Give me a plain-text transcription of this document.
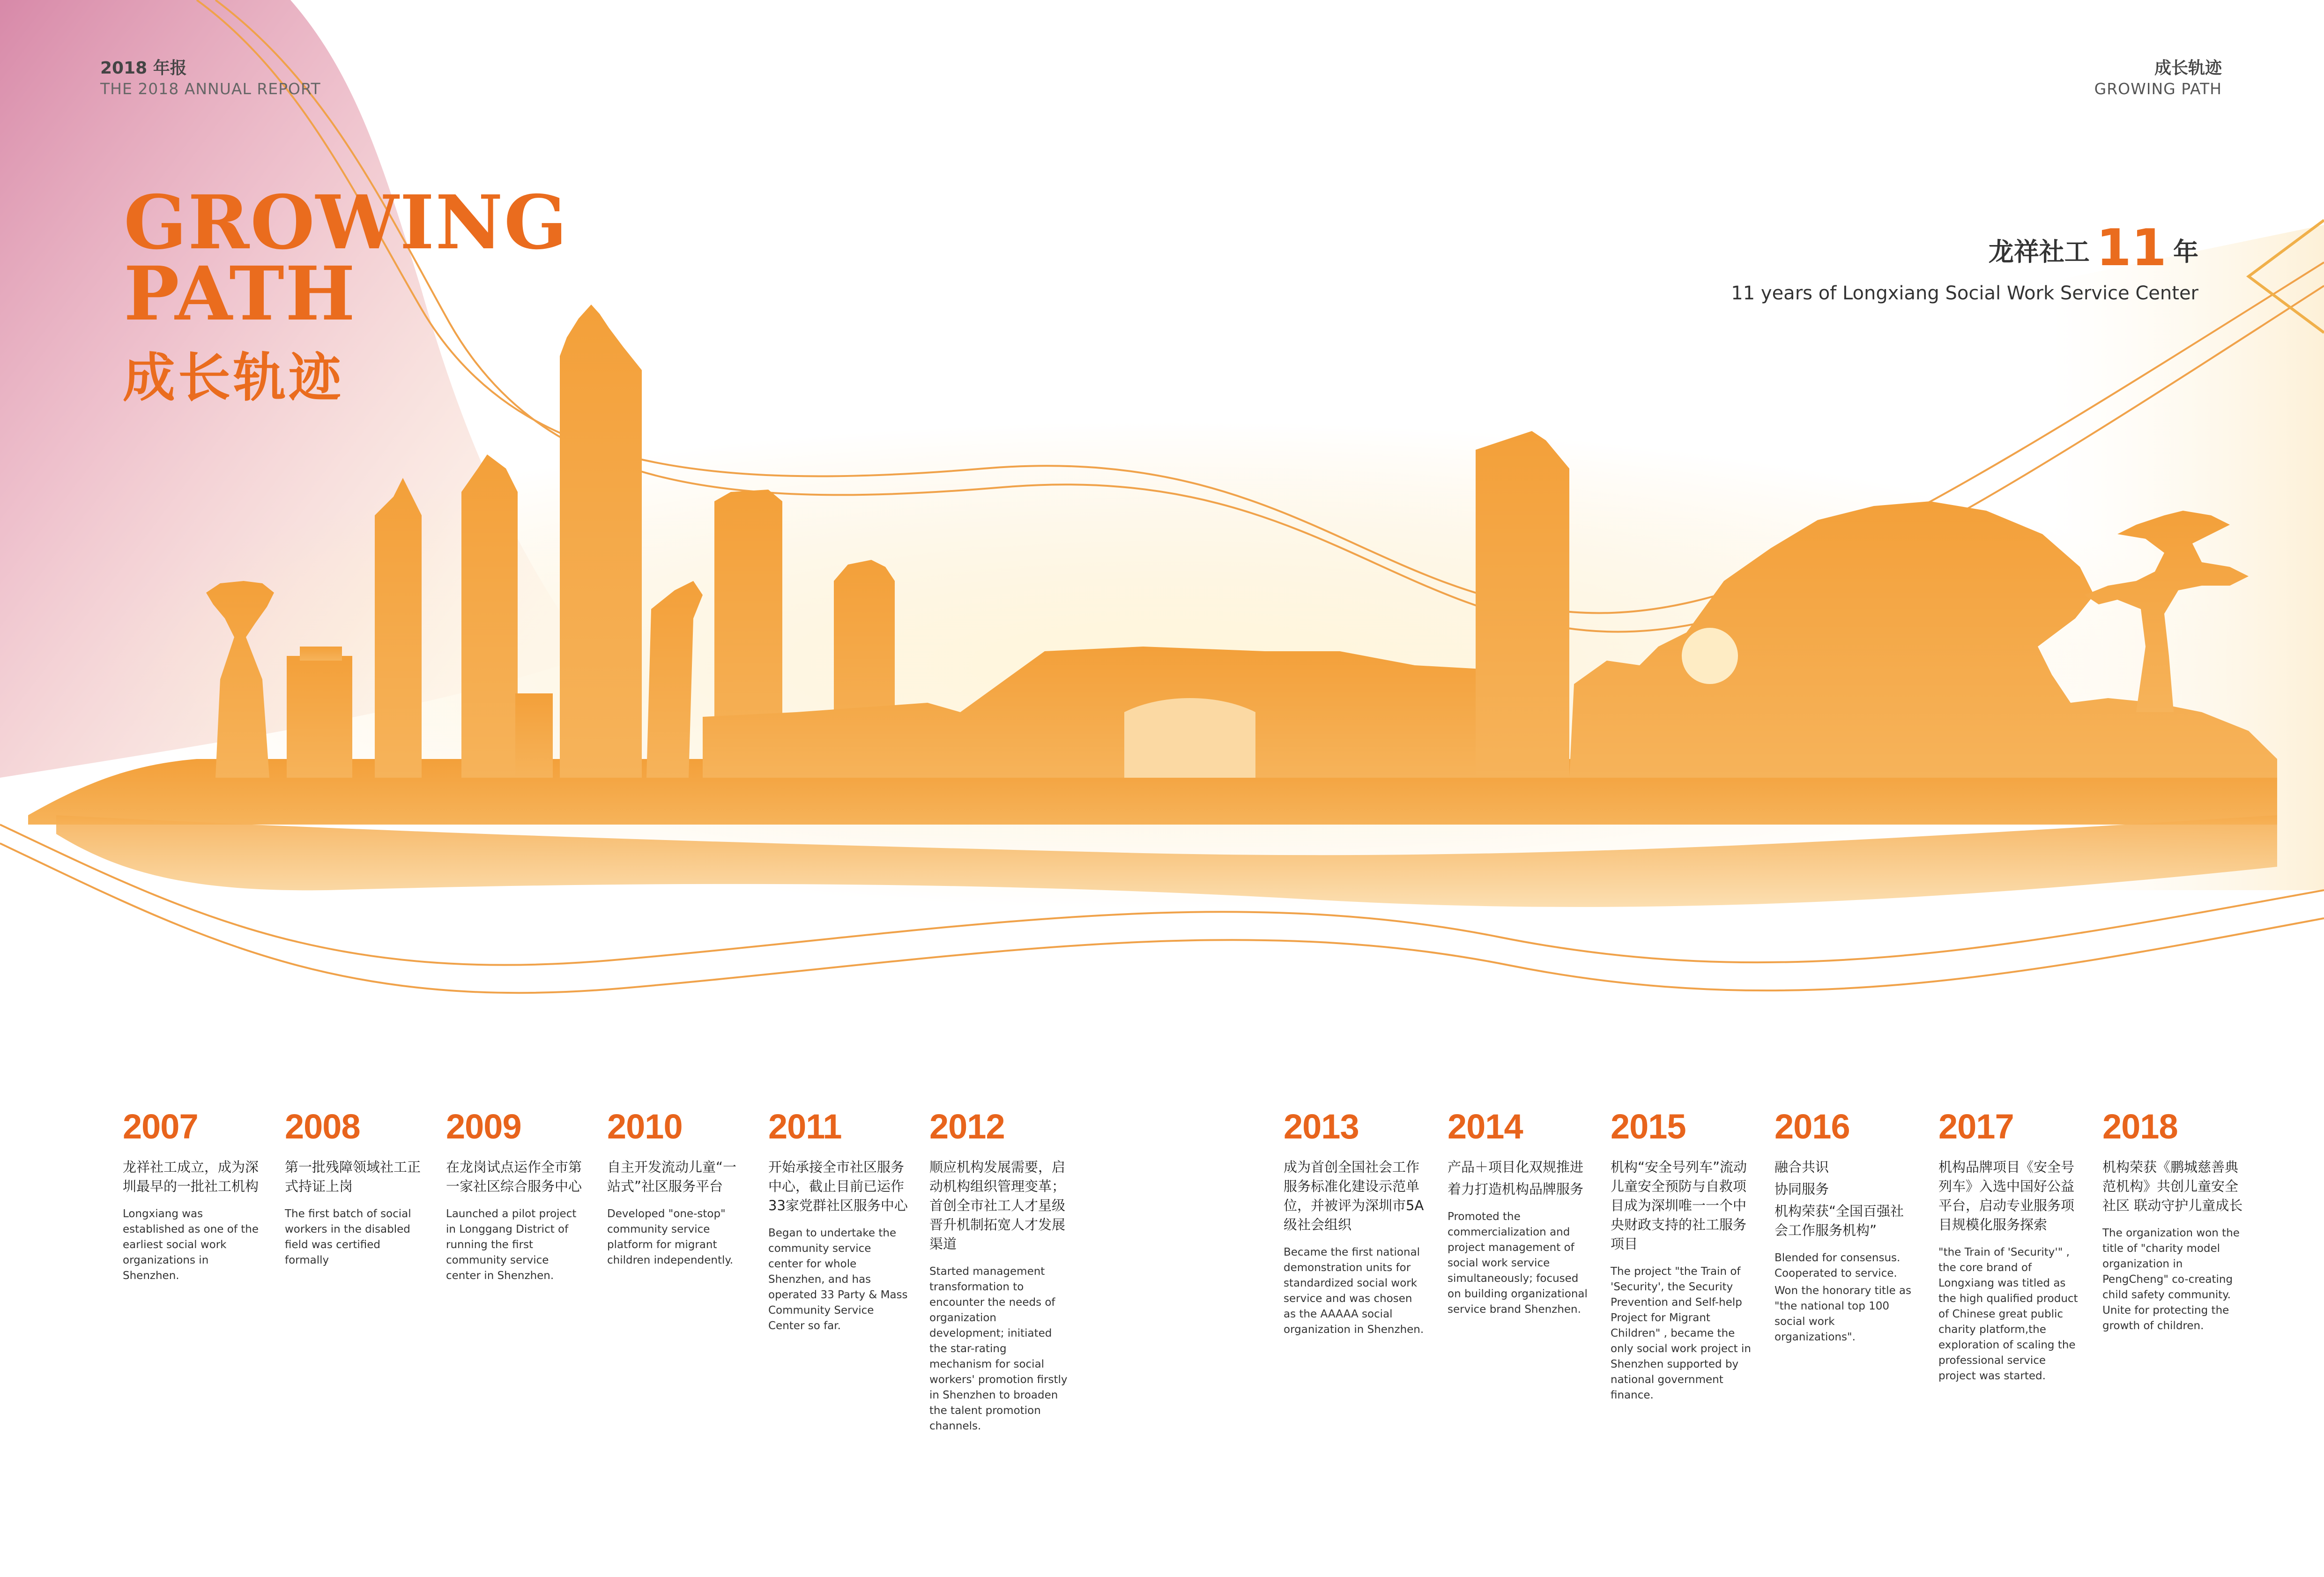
2018 年报
THE 2018 ANNUAL REPORT
成长轨迹
GROWING PATH
GROWING
PATH
成长轨迹
龙祥社工 11 年
11 years of Longxiang Social Work Service Center
2007

龙祥社工成立，成为深圳最早的一批社工机构

Longxiang was established as one of the earliest social work organizations in Shenzhen.

2008

第一批残障领域社工正式持证上岗

The first batch of social workers in the disabled field was certified formally

2009

在龙岗试点运作全市第一家社区综合服务中心

Launched a pilot project in Longgang District of running the first community service center in Shenzhen.

2010

自主开发流动儿童“一站式”社区服务平台

Developed "one-stop" community service platform for migrant children independently.

2011

开始承接全市社区服务中心，截止目前已运作33家党群社区服务中心

Began to undertake the community service center for whole Shenzhen, and has operated 33 Party & Mass Community Service Center so far.

2012

顺应机构发展需要，启动机构组织管理变革；首创全市社工人才星级晋升机制拓宽人才发展渠道

Started management transformation to encounter the needs of organization development; initiated the star-rating mechanism for social workers' promotion firstly in Shenzhen to broaden the talent promotion channels.

2013

成为首创全国社会工作服务标准化建设示范单位，并被评为深圳市5A级社会组织

Became the first national demonstration units for standardized social work service and was chosen as the AAAAA social organization in Shenzhen.

2014

产品＋项目化双规推进

着力打造机构品牌服务

Promoted the commercialization and project management of social work service simultaneously; focused on building organizational service brand Shenzhen.

2015

机构“安全号列车”流动儿童安全预防与自救项目成为深圳唯一一个中央财政支持的社工服务项目

The project "the Train of 'Security', the Security Prevention and Self-help Project for Migrant Children" , became the only social work project in Shenzhen supported by national government finance.

2016

融合共识

协同服务

机构荣获“全国百强社会工作服务机构”

Blended for consensus. Cooperated to service.

Won the honorary title as "the national top 100 social work organizations".

2017

机构品牌项目《安全号列车》入选中国好公益平台，启动专业服务项目规模化服务探索

"the Train of 'Security'" , the core brand of Longxiang was titled as the high qualified product of Chinese great public charity platform,the exploration of scaling the professional service project was started.

2018

机构荣获《鹏城慈善典范机构》共创儿童安全社区 联动守护儿童成长

The organization won the title of "charity model organization in PengCheng" co-creating child safety community. Unite for protecting the growth of children.
